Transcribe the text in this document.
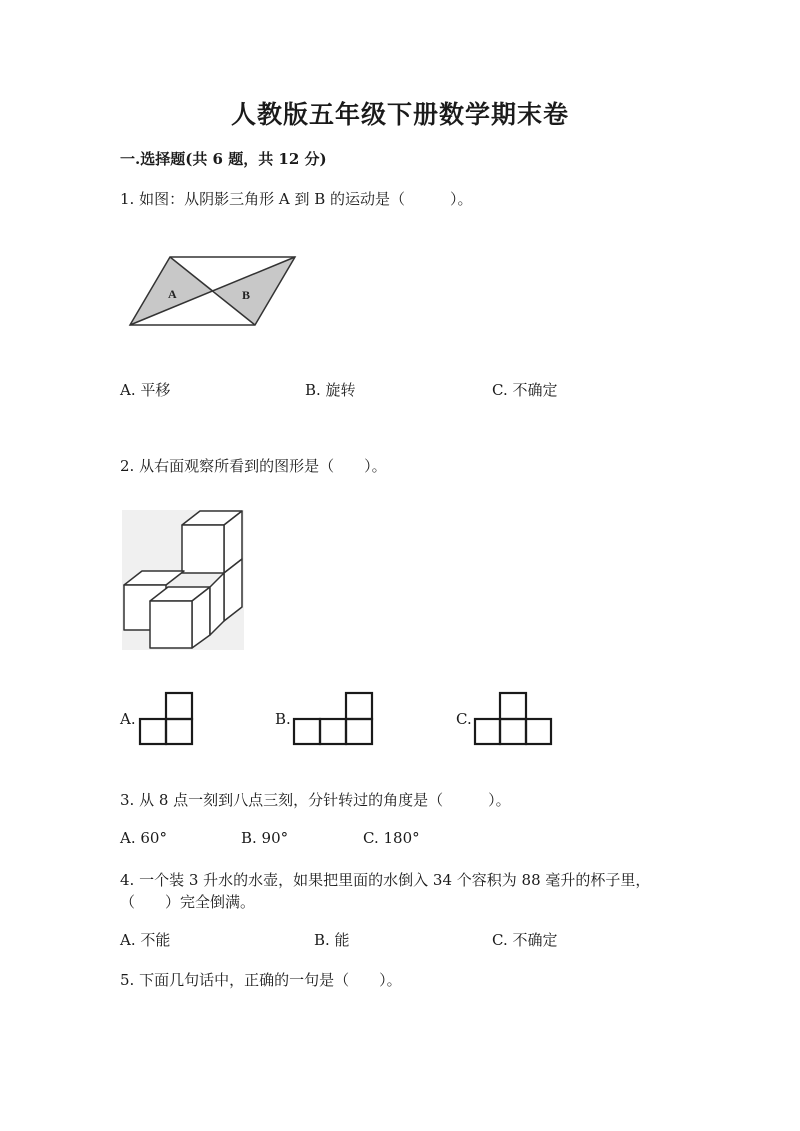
人教版五年级下册数学期末卷
一.选择题(共 6 题，共 12 分)
1. 如图：从阴影三角形 A 到 B 的运动是（　　　）。
A	B
A. 平移	B. 旋转	C. 不确定
2. 从右面观察所看到的图形是（　　）。
A.	B.	C.
3. 从 8 点一刻到八点三刻，分针转过的角度是（　　　）。
A. 60°	B. 90°	C. 180°
4. 一个装 3 升水的水壶，如果把里面的水倒入 34 个容积为 88 毫升的杯子里，
（　　）完全倒满。
A. 不能	B. 能	C. 不确定
5. 下面几句话中，正确的一句是（　　）。
